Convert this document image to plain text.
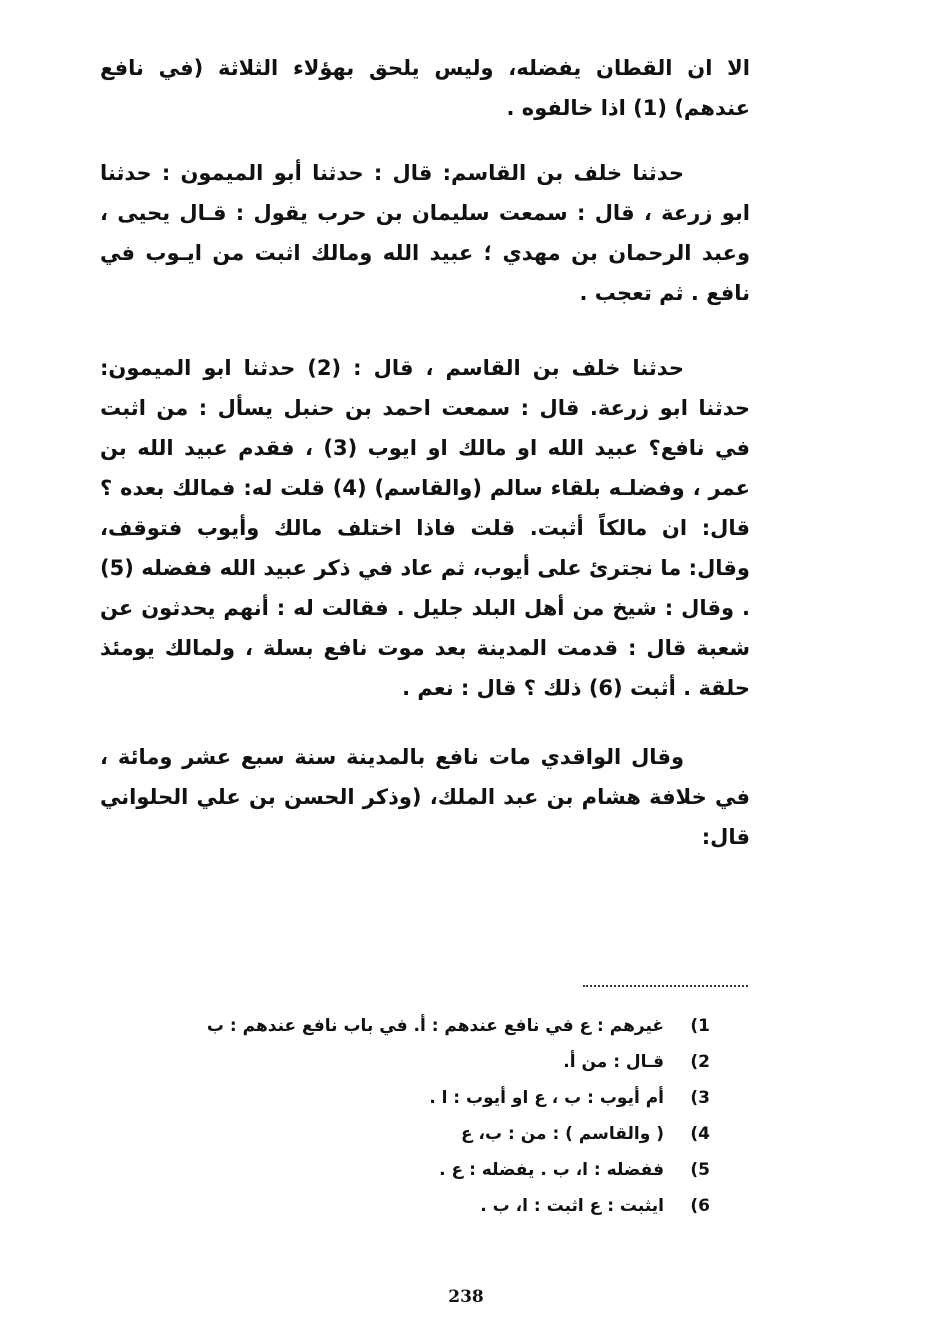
الا ان القطان يفضله، وليس يلحق بهؤلاء الثلاثة (في نافع عندهم) (1) اذا خالفوه .

حدثنا خلف بن القاسم: قال : حدثنا أبو الميمون : حدثنا ابو زرعة ، قال : سمعت سليمان بن حرب يقول : قـال يحيى ، وعبد الرحمان بن مهدي ؛ عبيد الله ومالك اثبت من ايـوب في نافع . ثم تعجب .

حدثنا خلف بن القاسم ، قال : (2) حدثنا ابو الميمون: حدثنا ابو زرعة. قال : سمعت احمد بن حنبل يسأل : من اثبت في نافع؟ عبيد الله او مالك او ايوب (3) ، فقدم عبيد الله بن عمر ، وفضلـه بلقاء سالم (والقاسم) (4) قلت له: فمالك بعده ؟ قال: ان مالكاً أثبت. قلت فاذا اختلف مالك وأيوب فتوقف، وقال: ما نجترئ على أيوب، ثم عاد في ذكر عبيد الله ففضله (5) . وقال : شيخ من أهل البلد جليل . فقالت له : أنهم يحدثون عن شعبة قال : قدمت المدينة بعد موت نافع بسلة ، ولمالك يومئذ حلقة . أثبت (6) ذلك ؟ قال : نعم .

وقال الواقدي مات نافع بالمدينة سنة سبع عشر ومائة ، في خلافة هشام بن عبد الملك، (وذكر الحسن بن علي الحلواني قال:

(1غيرهم : ع في نافع عندهم : أ. في باب نافع عندهم : ب
(2قـال : من أ.
(3أم أيوب : ب ، ع او أيوب : ا .
(4( والقاسم ) : من : ب، ع
(5ففضله : ا، ب . يفضله : ع .
(6ايثبت : ع اثبت : ا، ب .
238
